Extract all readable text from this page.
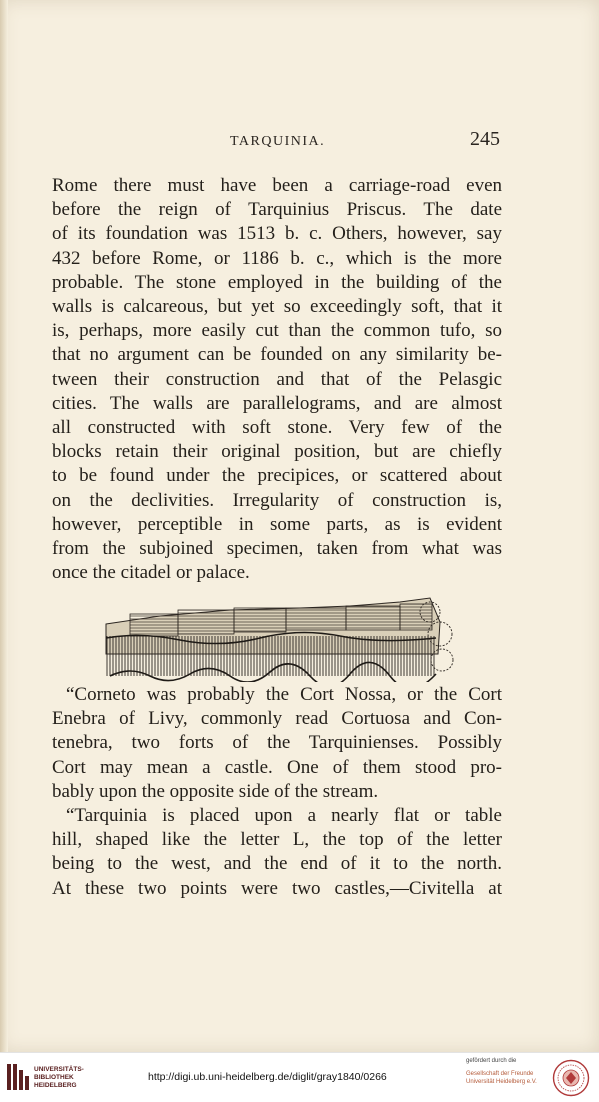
TARQUINIA.	245
Rome there must have been a carriage-road even
before the reign of Tarquinius Priscus. The date
of its foundation was 1513 b. c. Others, however, say
432 before Rome, or 1186 b. c., which is the more
probable. The stone employed in the building of the
walls is calcareous, but yet so exceedingly soft, that it
is, perhaps, more easily cut than the common tufo, so
that no argument can be founded on any similarity be-
tween their construction and that of the Pelasgic
cities. The walls are parallelograms, and are almost
all constructed with soft stone. Very few of the
blocks retain their original position, but are chiefly
to be found under the precipices, or scattered about
on the declivities. Irregularity of construction is,
however, perceptible in some parts, as is evident
from the subjoined specimen, taken from what was
once the citadel or palace.
“Corneto was probably the Cort Nossa, or the Cort
Enebra of Livy, commonly read Cortuosa and Con-
tenebra, two forts of the Tarquinienses. Possibly
Cort may mean a castle. One of them stood pro-
bably upon the opposite side of the stream.
“Tarquinia is placed upon a nearly flat or table
hill, shaped like the letter L, the top of the letter
being to the west, and the end of it to the north.
At these two points were two castles,—Civitella at
UNIVERSITÄTS-
BIBLIOTHEK
HEIDELBERG
http://digi.ub.uni-heidelberg.de/diglit/gray1840/0266
gefördert durch die
Gesellschaft der Freunde
Universität Heidelberg e.V.
